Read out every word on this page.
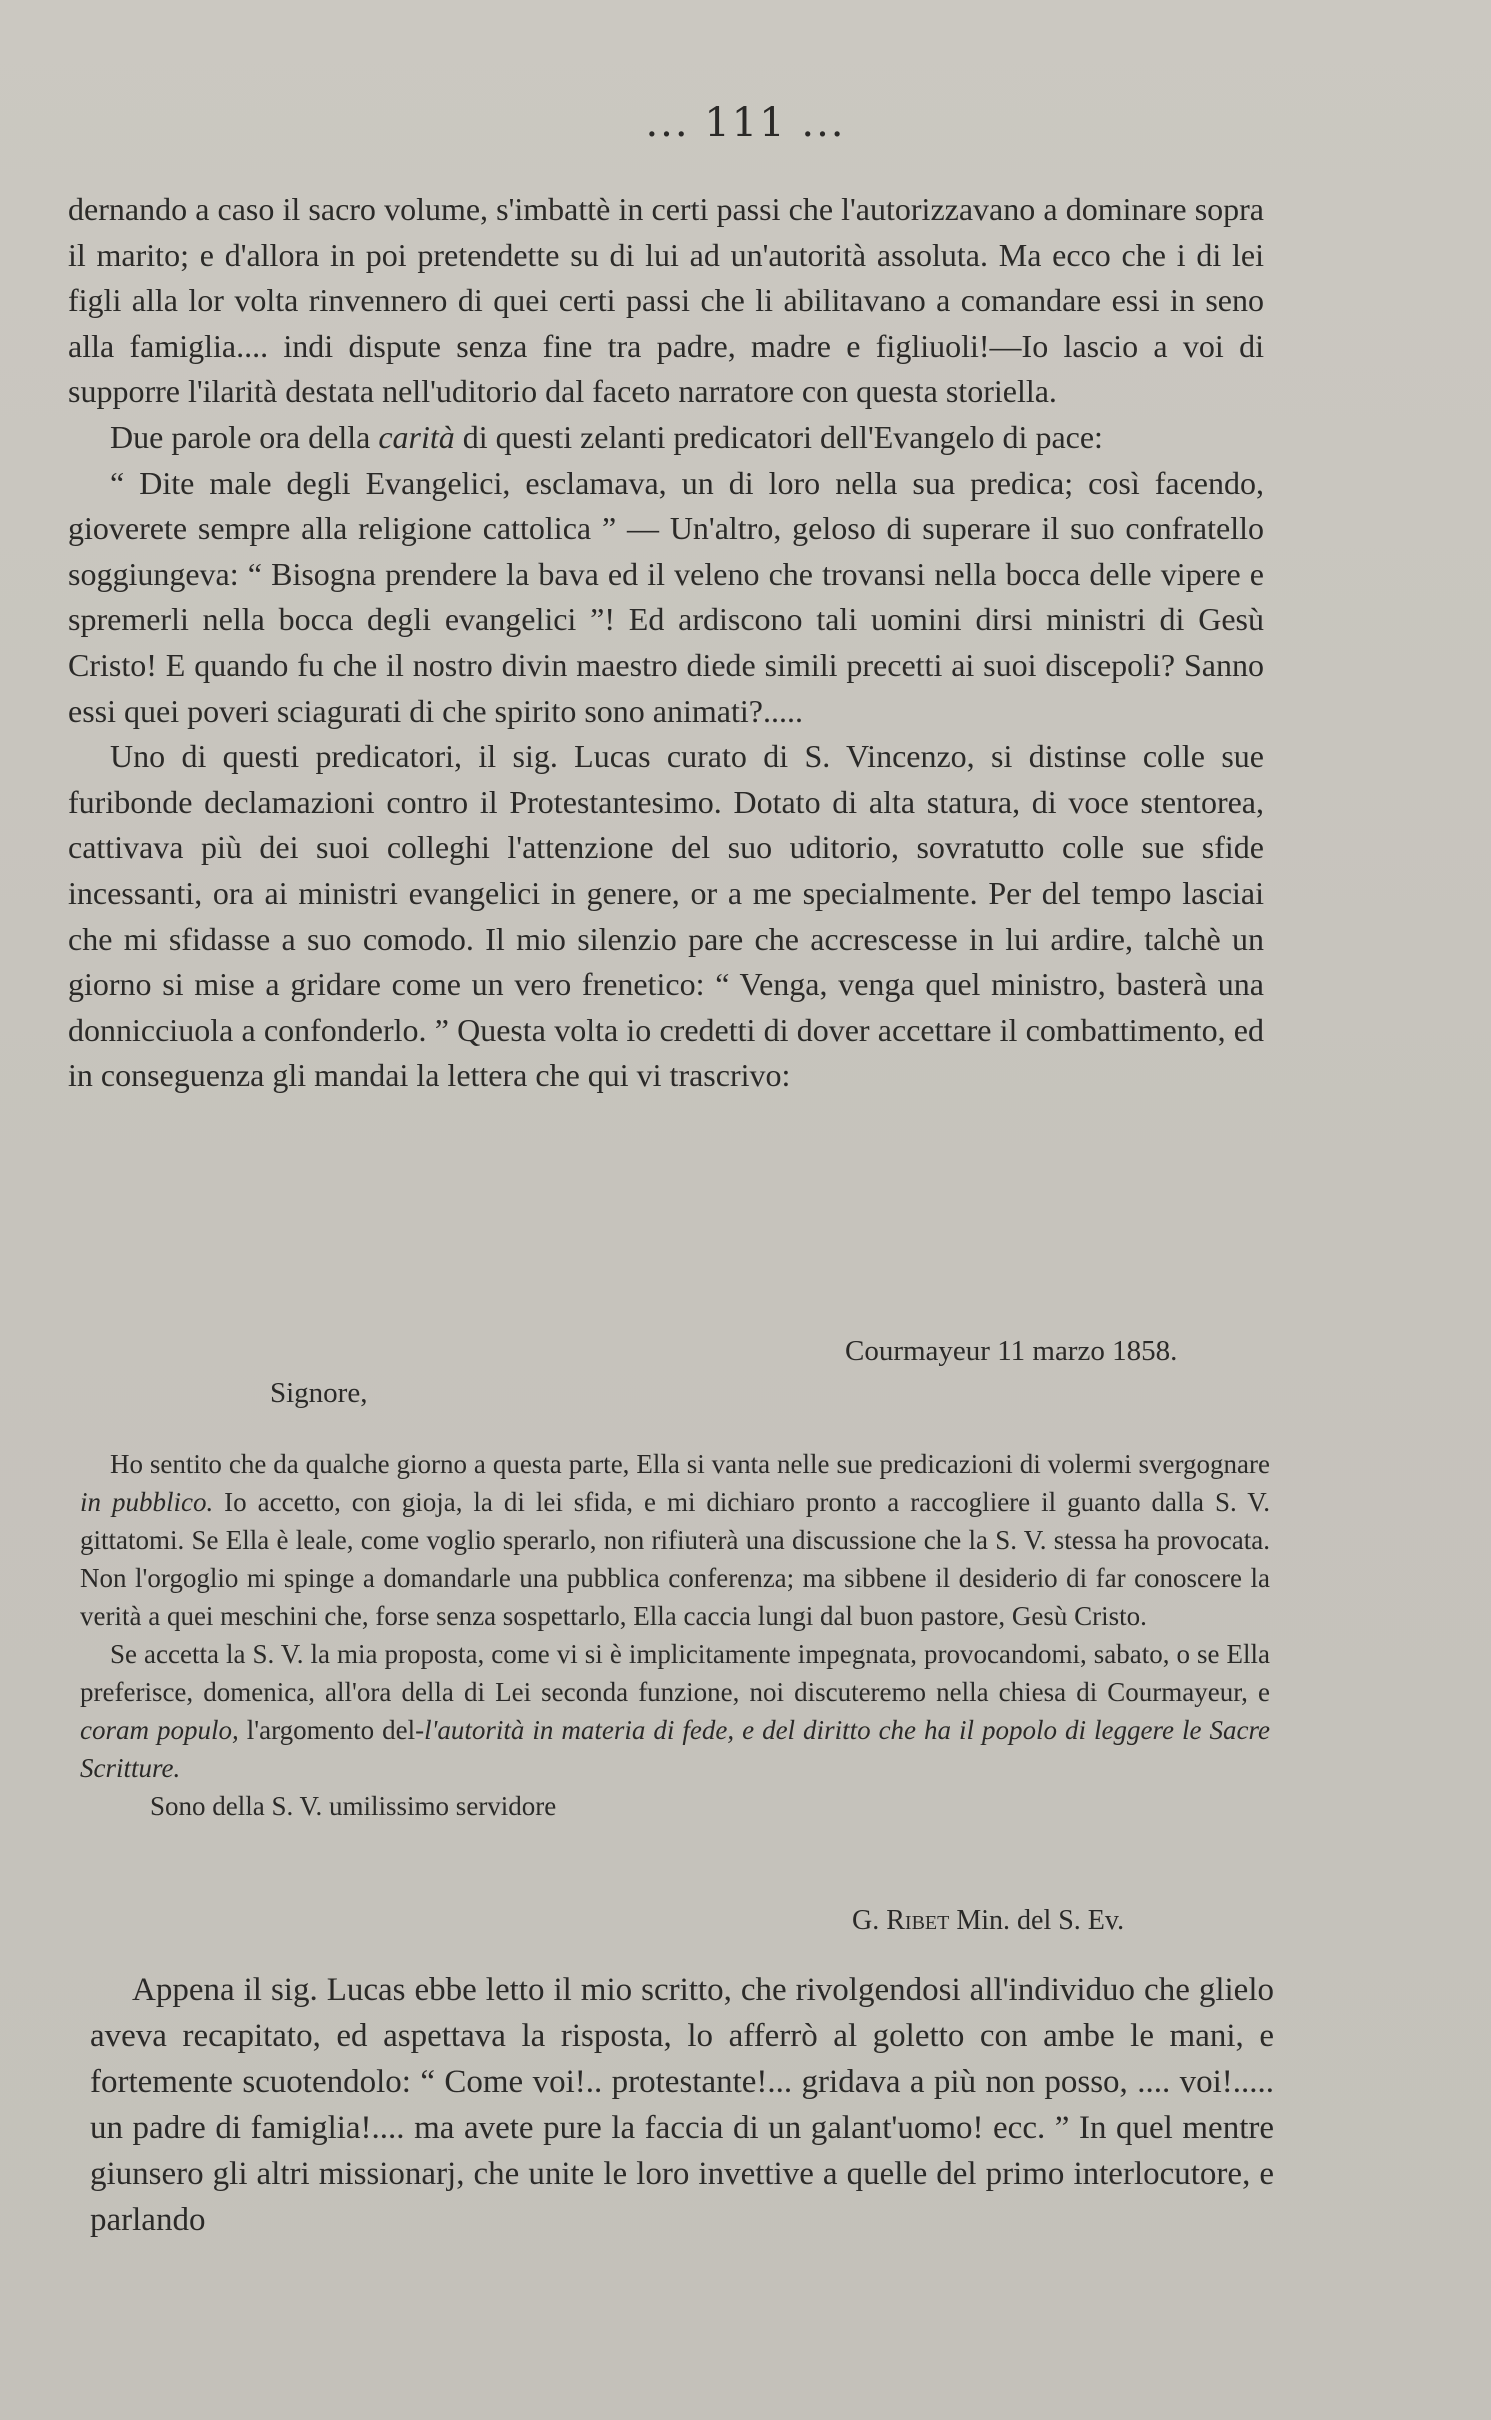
... 111 ...

dernando a caso il sacro volume, s'imbattè in certi passi che l'autorizzavano a dominare sopra il marito; e d'allora in poi pretendette su di lui ad un'autorità assoluta. Ma ecco che i di lei figli alla lor volta rinvennero di quei certi passi che li abilitavano a comandare essi in seno alla famiglia.... indi dispute senza fine tra padre, madre e figliuoli!—Io lascio a voi di supporre l'ilarità destata nell'uditorio dal faceto narratore con questa storiella.

Due parole ora della carità di questi zelanti predicatori dell'Evangelo di pace:

“ Dite male degli Evangelici, esclamava, un di loro nella sua predica; così facendo, gioverete sempre alla religione cattolica ” — Un'altro, geloso di superare il suo confratello soggiungeva: “ Bisogna prendere la bava ed il veleno che trovansi nella bocca delle vipere e spremerli nella bocca degli evangelici ”! Ed ardiscono tali uomini dirsi ministri di Gesù Cristo! E quando fu che il nostro divin maestro diede simili precetti ai suoi discepoli? Sanno essi quei poveri sciagurati di che spirito sono animati?.....

Uno di questi predicatori, il sig. Lucas curato di S. Vincenzo, si distinse colle sue furibonde declamazioni contro il Protestantesimo. Dotato di alta statura, di voce stentorea, cattivava più dei suoi colleghi l'attenzione del suo uditorio, sovratutto colle sue sfide incessanti, ora ai ministri evangelici in genere, or a me specialmente. Per del tempo lasciai che mi sfidasse a suo comodo. Il mio silenzio pare che accrescesse in lui ardire, talchè un giorno si mise a gridare come un vero frenetico: “ Venga, venga quel ministro, basterà una donnicciuola a confonderlo. ” Questa volta io credetti di dover accettare il combattimento, ed in conseguenza gli mandai la lettera che qui vi trascrivo:

Courmayeur 11 marzo 1858.
Signore,

Ho sentito che da qualche giorno a questa parte, Ella si vanta nelle sue predicazioni di volermi svergognare in pubblico. Io accetto, con gioja, la di lei sfida, e mi dichiaro pronto a raccogliere il guanto dalla S. V. gittatomi. Se Ella è leale, come voglio sperarlo, non rifiuterà una discussione che la S. V. stessa ha provocata. Non l'orgoglio mi spinge a domandarle una pubblica conferenza; ma sibbene il desiderio di far conoscere la verità a quei meschini che, forse senza sospettarlo, Ella caccia lungi dal buon pastore, Gesù Cristo.

Se accetta la S. V. la mia proposta, come vi si è implicitamente impegnata, provocandomi, sabato, o se Ella preferisce, domenica, all'ora della di Lei seconda funzione, noi discuteremo nella chiesa di Courmayeur, e coram populo, l'argomento del-l'autorità in materia di fede, e del diritto che ha il popolo di leggere le Sacre Scritture.

Sono della S. V. umilissimo servidore

G. Ribet Min. del S. Ev.

Appena il sig. Lucas ebbe letto il mio scritto, che rivolgendosi all'individuo che glielo aveva recapitato, ed aspettava la risposta, lo afferrò al goletto con ambe le mani, e fortemente scuotendolo: “ Come voi!.. protestante!... gridava a più non posso, .... voi!..... un padre di famiglia!.... ma avete pure la faccia di un galant'uomo! ecc. ” In quel mentre giunsero gli altri missionarj, che unite le loro invettive a quelle del primo interlocutore, e parlando
